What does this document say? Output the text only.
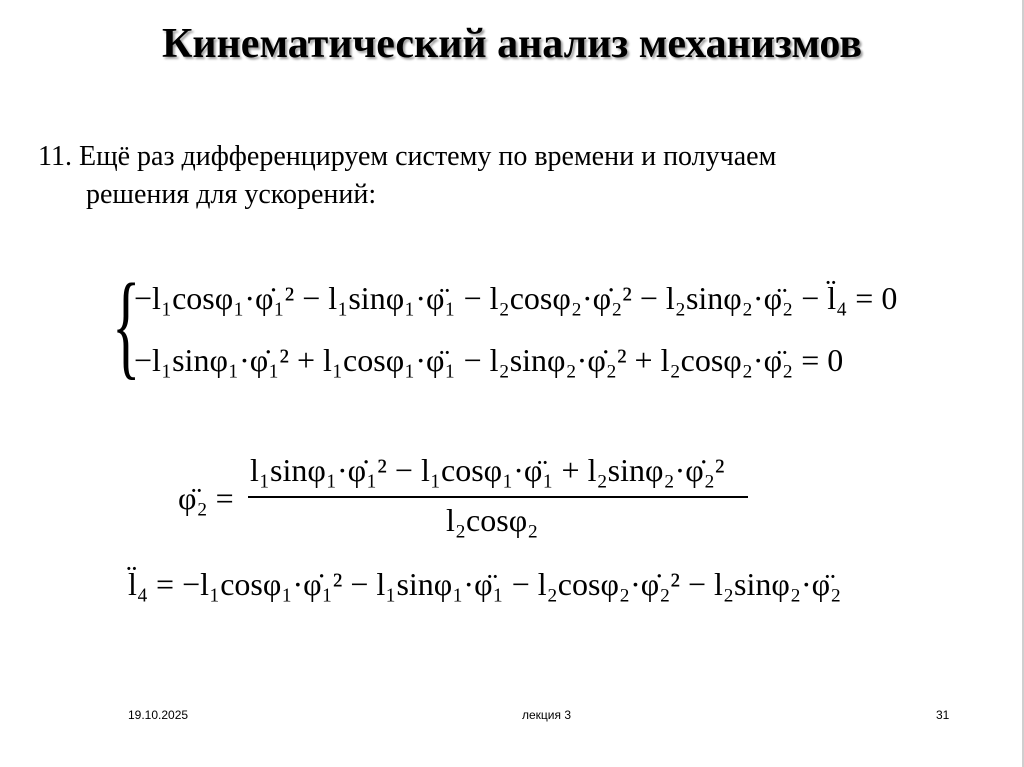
Кинематический анализ механизмов
11. Ещё раз дифференцируем систему по времени и получаем
решения для ускорений:
{
−l₁cosφ₁·φ̇₁² − l₁sinφ₁·φ̈₁ − l₂cosφ₂·φ̇₂² − l₂sinφ₂·φ̈₂ − l̈₄ = 0
−l₁sinφ₁·φ̇₁² + l₁cosφ₁·φ̈₁ − l₂sinφ₂·φ̇₂² + l₂cosφ₂·φ̈₂ = 0
φ̈₂ =
l₁sinφ₁·φ̇₁² − l₁cosφ₁·φ̈₁ + l₂sinφ₂·φ̇₂²
l₂cosφ₂
l̈₄ = −l₁cosφ₁·φ̇₁² − l₁sinφ₁·φ̈₁ − l₂cosφ₂·φ̇₂² − l₂sinφ₂·φ̈₂
19.10.2025	лекция 3	31
